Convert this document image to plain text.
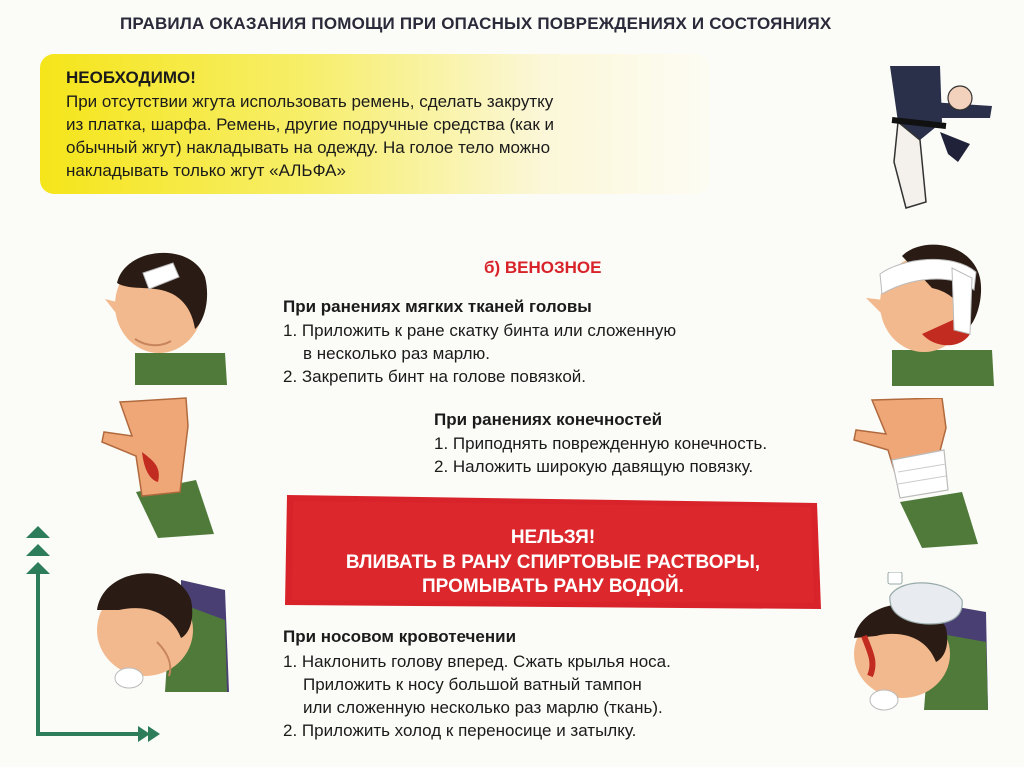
ПРАВИЛА ОКАЗАНИЯ ПОМОЩИ ПРИ ОПАСНЫХ ПОВРЕЖДЕНИЯХ И СОСТОЯНИЯХ
НЕОБХОДИМО!
При отсутствии жгута использовать ремень, сделать закрутку
из платка, шарфа. Ремень, другие подручные средства (как и
обычный жгут) накладывать на одежду. На голое тело можно
накладывать только жгут «АЛЬФА»
б) ВЕНОЗНОЕ
При ранениях мягких тканей головы
1. Приложить к ране скатку бинта или сложенную
в несколько раз марлю.
2. Закрепить бинт на голове повязкой.
При ранениях конечностей
1. Приподнять поврежденную конечность.
2. Наложить широкую давящую повязку.
НЕЛЬЗЯ!
ВЛИВАТЬ В РАНУ СПИРТОВЫЕ РАСТВОРЫ,
ПРОМЫВАТЬ РАНУ ВОДОЙ.
При носовом кровотечении
1. Наклонить голову вперед. Сжать крылья носа.
Приложить к носу большой ватный тампон
или сложенную несколько раз марлю (ткань).
2. Приложить холод к переносице и затылку.
